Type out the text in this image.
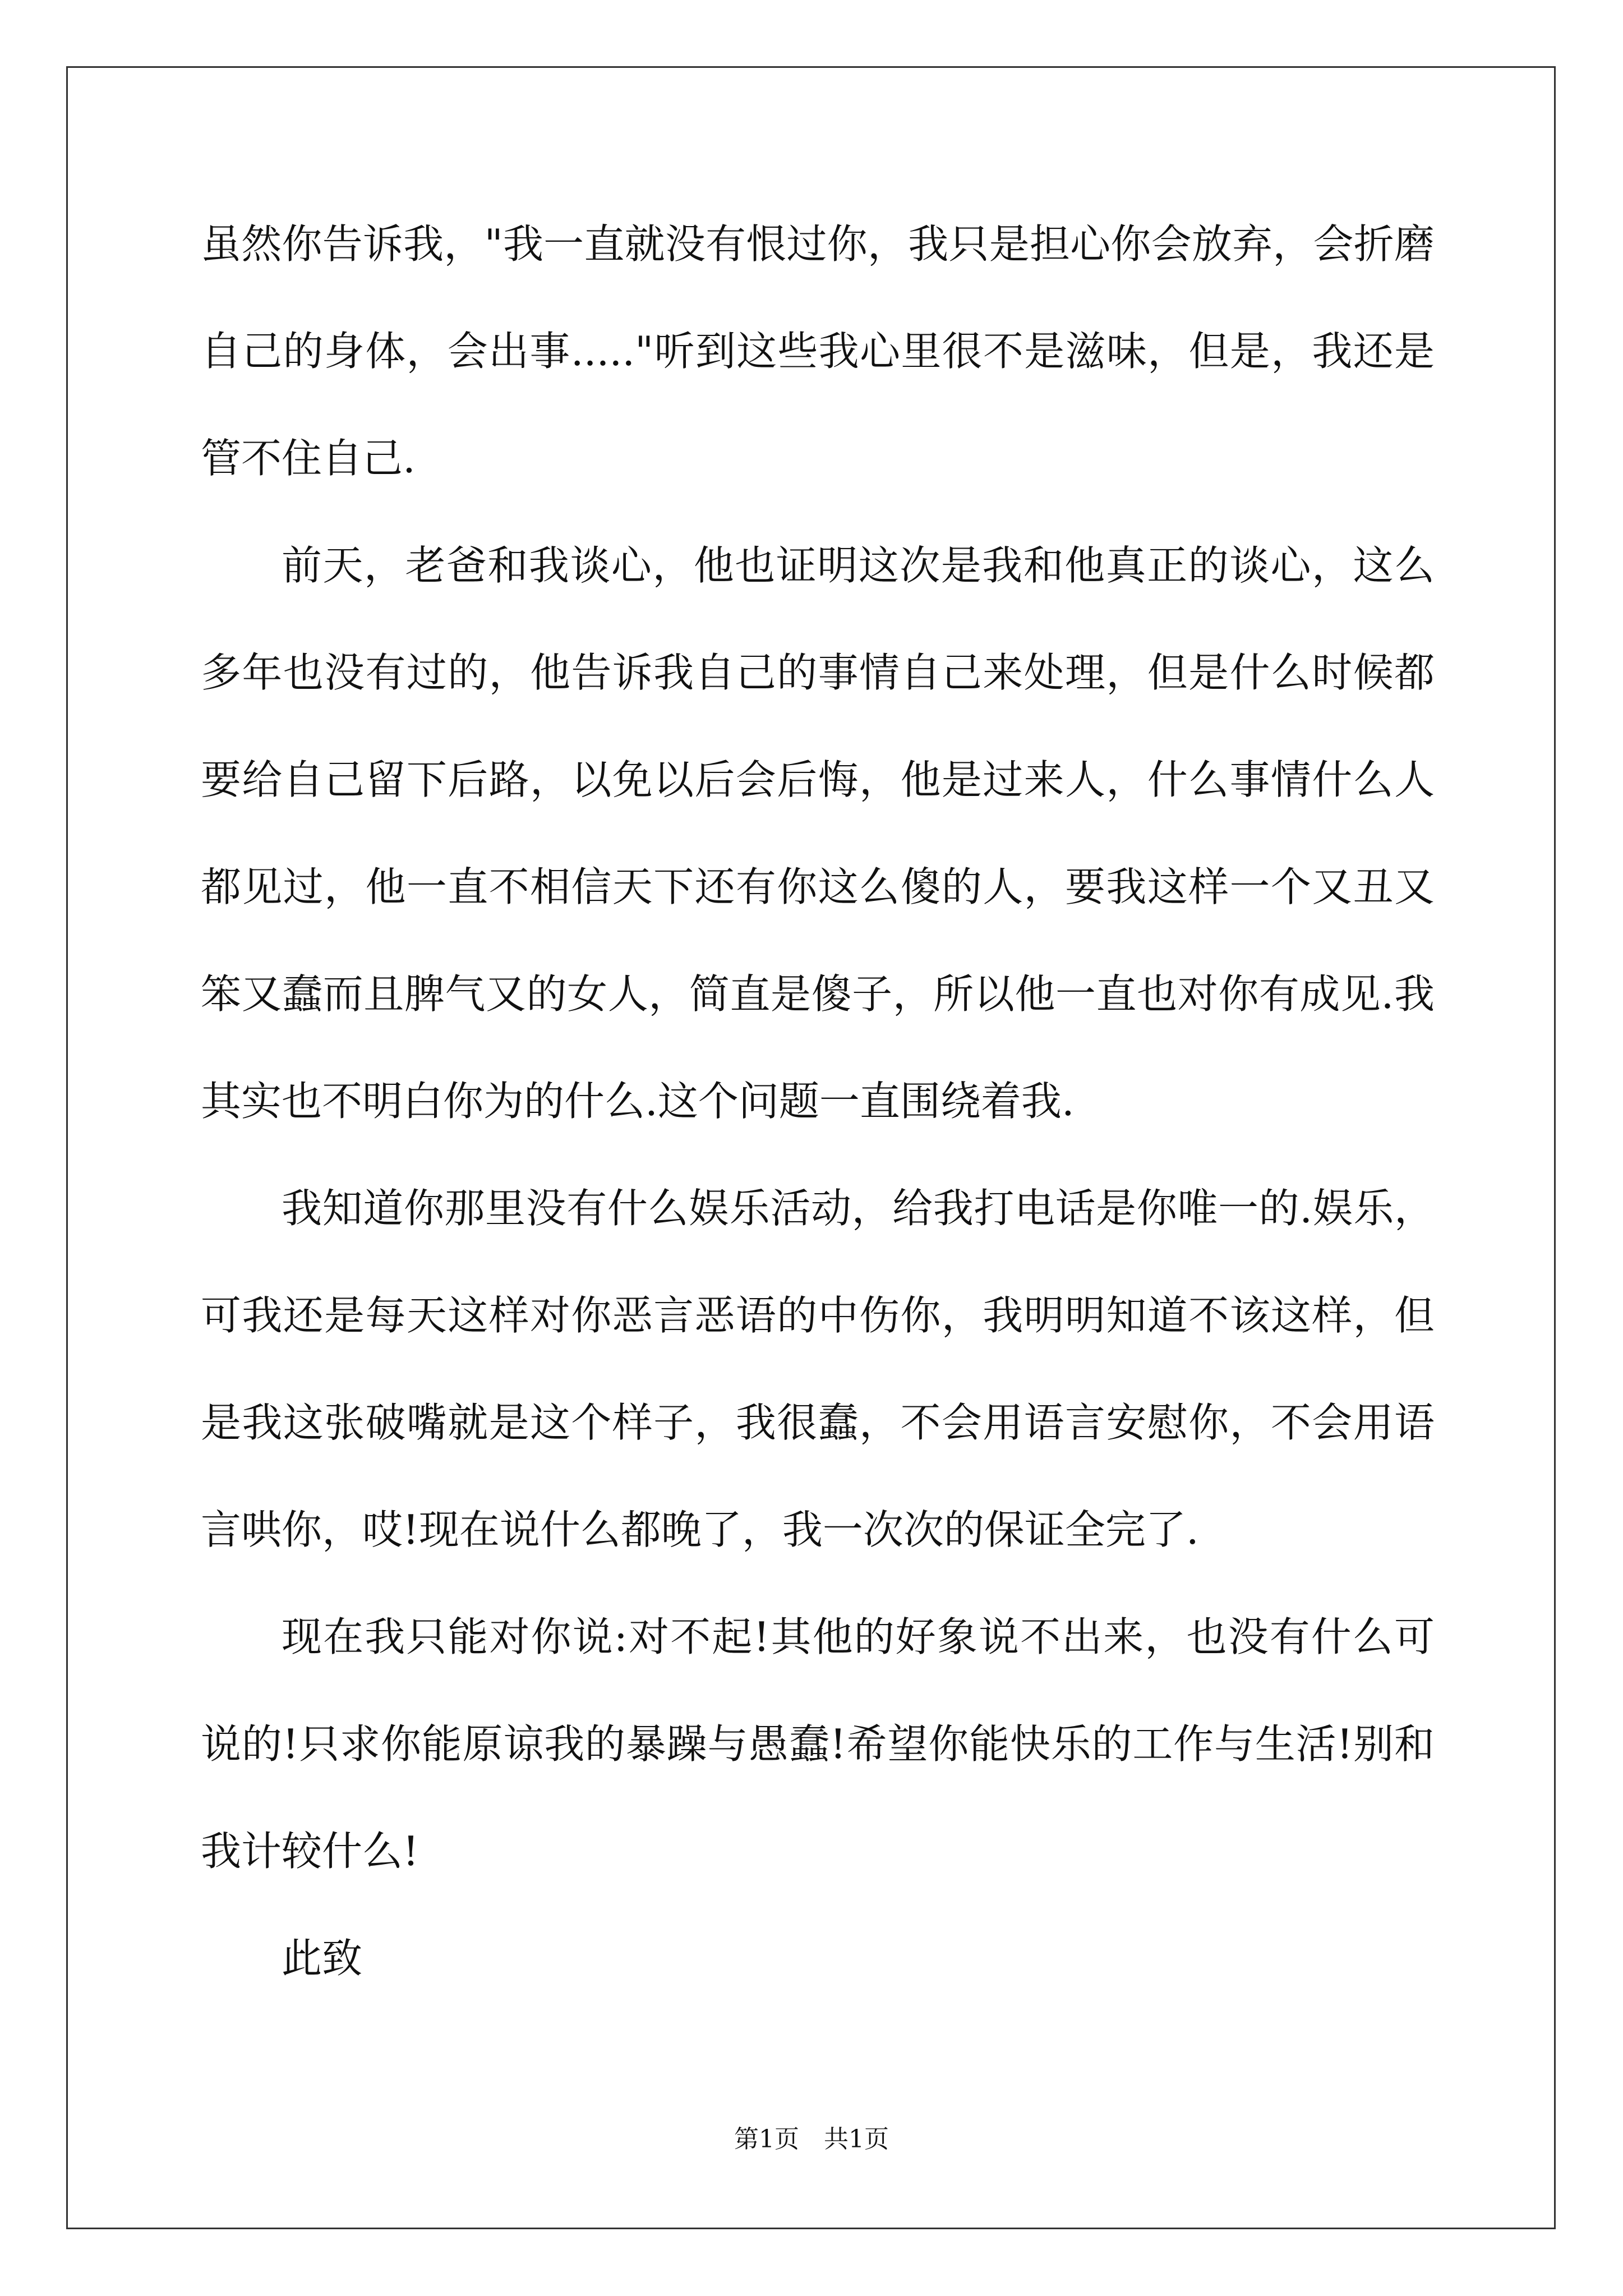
虽然你告诉我，"我一直就没有恨过你，我只是担心你会放弃，会折磨自己的身体，会出事....."听到这些我心里很不是滋味，但是，我还是管不住自己.

前天，老爸和我谈心，他也证明这次是我和他真正的谈心，这么多年也没有过的，他告诉我自己的事情自己来处理，但是什么时候都要给自己留下后路，以免以后会后悔，他是过来人，什么事情什么人都见过，他一直不相信天下还有你这么傻的人，要我这样一个又丑又笨又蠢而且脾气又的女人，简直是傻子，所以他一直也对你有成见.我其实也不明白你为的什么.这个问题一直围绕着我.

我知道你那里没有什么娱乐活动，给我打电话是你唯一的.娱乐，可我还是每天这样对你恶言恶语的中伤你，我明明知道不该这样，但是我这张破嘴就是这个样子，我很蠢，不会用语言安慰你，不会用语言哄你，哎!现在说什么都晚了，我一次次的保证全完了.

现在我只能对你说:对不起!其他的好象说不出来，也没有什么可说的!只求你能原谅我的暴躁与愚蠢!希望你能快乐的工作与生活!别和我计较什么!

此致

第1页　共1页
